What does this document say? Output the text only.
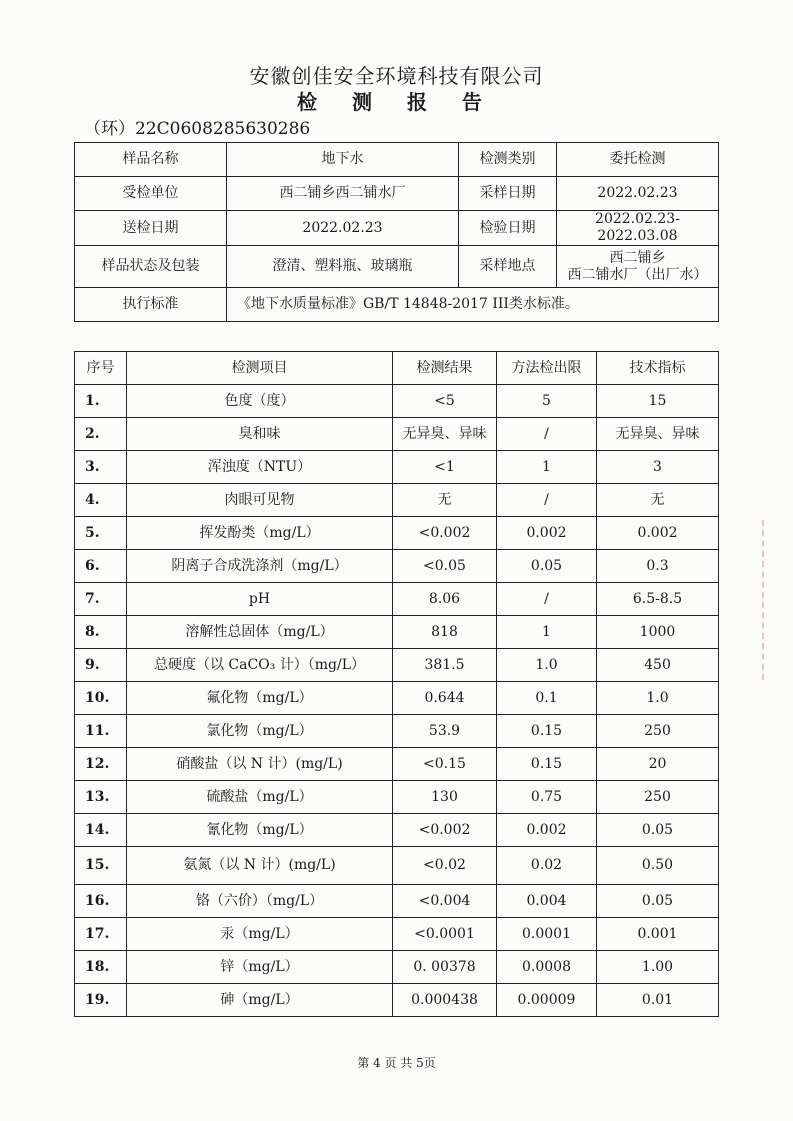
安徽创佳安全环境科技有限公司
检 测 报 告
（环）22C0608285630286
样品名称	地下水	检测类别	委托检测
受检单位	西二铺乡西二铺水厂	采样日期	2022.02.23
送检日期	2022.02.23	检验日期	2022.02.23-2022.03.08
样品状态及包装	澄清、塑料瓶、玻璃瓶	采样地点	西二铺乡
西二铺水厂（出厂水）

执行标准	《地下水质量标准》GB/T 14848-2017 III类水标准。		
序号	检测项目	检测结果	方法检出限	技术指标
1.	色度（度）	<5	5	15
2.	臭和味	无异臭、异味	/	无异臭、异味
3.	浑浊度（NTU）	<1	1	3
4.	肉眼可见物	无	/	无
5.	挥发酚类（mg/L）	<0.002	0.002	0.002
6.	阴离子合成洗涤剂（mg/L）	<0.05	0.05	0.3
7.	pH	8.06	/	6.5-8.5
8.	溶解性总固体（mg/L）	818	1	1000
9.	总硬度（以 CaCO₃ 计）（mg/L）	381.5	1.0	450
10.	氟化物（mg/L）	0.644	0.1	1.0
11.	氯化物（mg/L）	53.9	0.15	250
12.	硝酸盐（以 N 计）(mg/L)	<0.15	0.15	20
13.	硫酸盐（mg/L）	130	0.75	250
14.	氰化物（mg/L）	<0.002	0.002	0.05
15.	氨氮（以 N 计）(mg/L)	<0.02	0.02	0.50
16.	铬（六价）（mg/L）	<0.004	0.004	0.05
17.	汞（mg/L）	<0.0001	0.0001	0.001
18.	锌（mg/L）	0. 00378	0.0008	1.00
19.	砷（mg/L）	0.000438	0.00009	0.01
第 4 页 共 5页
